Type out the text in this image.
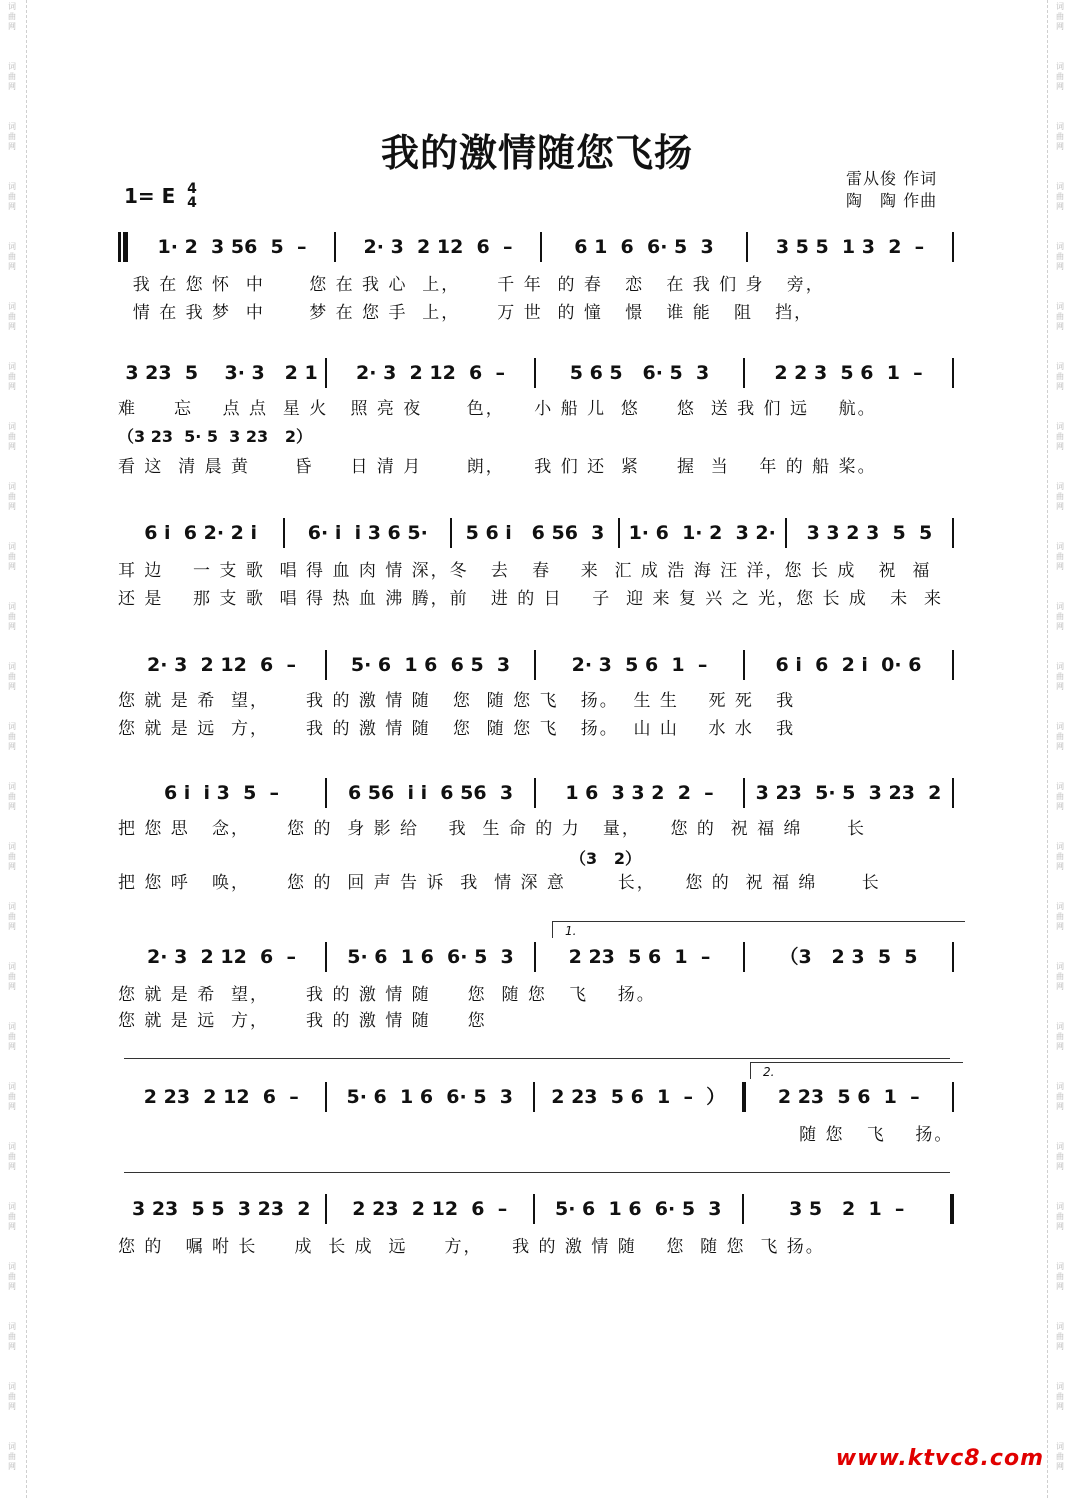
词
曲
网
词
曲
网
词
曲
网
词
曲
网
词
曲
网
词
曲
网
词
曲
网
词
曲
网
词
曲
网
词
曲
网
词
曲
网
词
曲
网
词
曲
网
词
曲
网
词
曲
网
词
曲
网
词
曲
网
词
曲
网
词
曲
网
词
曲
网
词
曲
网
词
曲
网
词
曲
网
词
曲
网
词
曲
网
词
曲
网
词
曲
网
词
曲
网
词
曲
网
词
曲
网
词
曲
网
词
曲
网
词
曲
网
词
曲
网
词
曲
网
词
曲
网
词
曲
网
词
曲
网
词
曲
网
词
曲
网
词
曲
网
词
曲
网
词
曲
网
词
曲
网
词
曲
网
词
曲
网
词
曲
网
词
曲
网
词
曲
网
词
曲
网
我的激情随您飞扬
雷从俊 作词
陶　陶 作曲
1= E 4
4
1· 2  3 56  5  –	2· 3  2 12  6  –	6 1  6  6· 5  3	3 5 5  1 3  2  –
我 在 您 怀  中      您 在 我 心  上，     千 年  的 春   恋   在 我 们 身   旁，
情 在 我 梦  中      梦 在 您 手  上，     万 世  的 憧   憬   谁 能   阻   挡，
3 23  5    3· 3   2 1	2· 3  2 12  6  –	5 6 5   6· 5  3	2 2 3  5 6  1  –
难     忘    点 点  星 火   照 亮 夜      色，    小 船 儿  悠     悠  送 我 们 远    航。
（3 23  5· 5  3 23   2）
看 这  清 晨 黄      昏     日 清 月      朗，    我 们 还  紧     握  当    年 的 船 桨。
6 i  6 2· 2 i	6· i  i 3 6 5·	5 6 i   6 56  3	1· 6  1· 2  3 2·	3 3 2 3  5  5
耳 边    一 支 歌  唱 得 血 肉 情 深，冬   去   春    来  汇 成 浩 海 汪 洋，您 长 成   祝  福
还 是    那 支 歌  唱 得 热 血 沸 腾，前   进 的 日    子  迎 来 复 兴 之 光，您 长 成   未  来
2· 3  2 12  6  –	5· 6  1 6  6 5  3	2· 3  5 6  1  –	6 i  6  2 i  0· 6
您 就 是 希  望，     我 的 激 情 随   您  随 您 飞   扬。  生 生    死 死   我
您 就 是 远  方，     我 的 激 情 随   您  随 您 飞   扬。  山 山    水 水   我
6 i  i 3  5  –	6 56  i i  6 56  3	1 6  3 3 2  2  –	3 23  5· 5  3 23  2
把 您 思   念，     您 的  身 影 给    我  生 命 的 力   量，    您 的  祝 福 绵      长
（3   2）
把 您 呼   唤，     您 的  回 声 告 诉  我  情 深 意       长，    您 的  祝 福 绵      长
1.
2· 3  2 12  6  –	5· 6  1 6  6· 5  3	2 23  5 6  1  –	（3   2 3  5  5
您 就 是 希  望，     我 的 激 情 随     您  随 您   飞    扬。
您 就 是 远  方，     我 的 激 情 随     您
2.
2 23  2 12  6  –	5· 6  1 6  6· 5  3	2 23  5 6  1  –  ）	2 23  5 6  1  –
随 您   飞    扬。
3 23  5 5  3 23  2	2 23  2 12  6  –	5· 6  1 6  6· 5  3	3 5   2  1  –
您 的   嘱 咐 长     成  长 成  远     方，    我 的 激 情 随    您  随 您  飞 扬。
www.ktvc8.com
